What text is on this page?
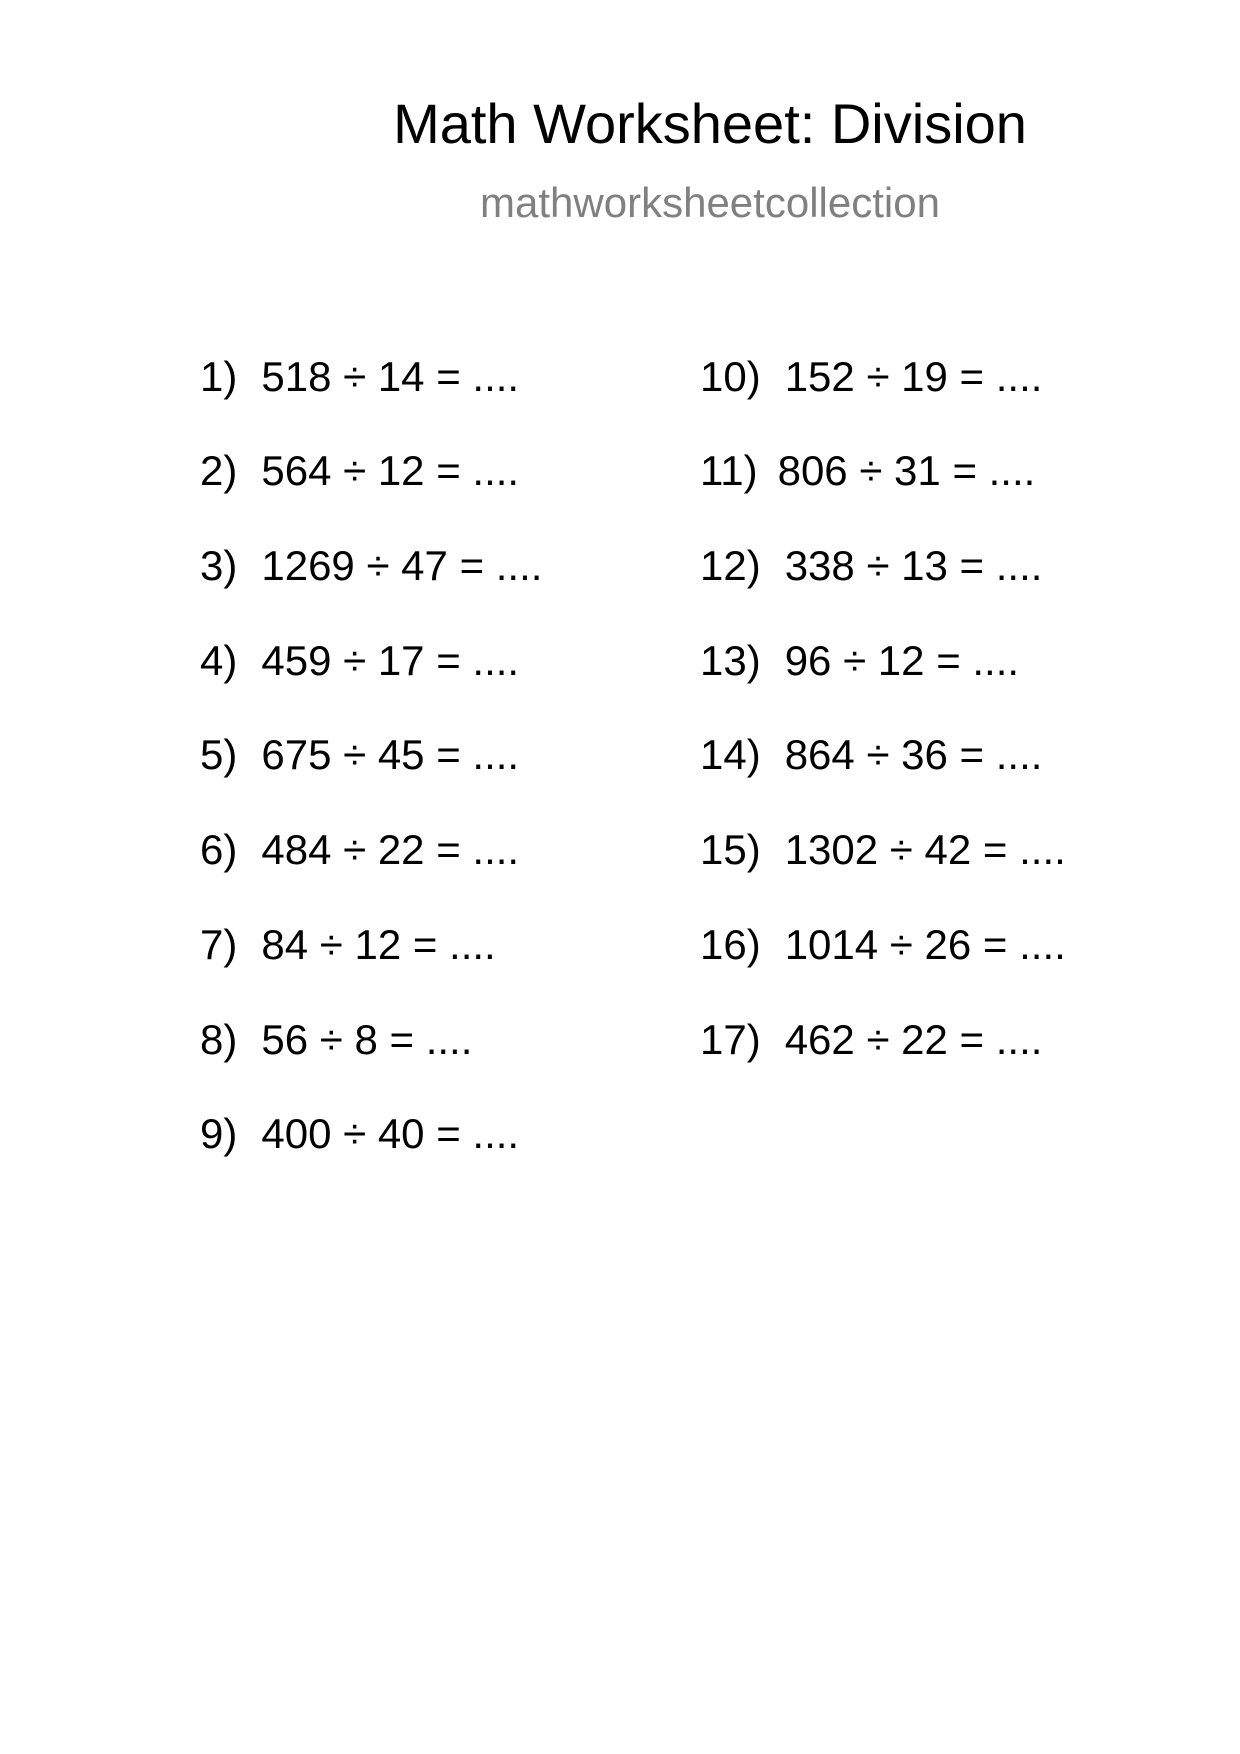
Math Worksheet: Division
mathworksheetcollection
1) 518 ÷ 14 = ....
2) 564 ÷ 12 = ....
3) 1269 ÷ 47 = ....
4) 459 ÷ 17 = ....
5) 675 ÷ 45 = ....
6) 484 ÷ 22 = ....
7) 84 ÷ 12 = ....
8) 56 ÷ 8 = ....
9) 400 ÷ 40 = ....
10) 152 ÷ 19 = ....
11) 806 ÷ 31 = ....
12) 338 ÷ 13 = ....
13) 96 ÷ 12 = ....
14) 864 ÷ 36 = ....
15) 1302 ÷ 42 = ....
16) 1014 ÷ 26 = ....
17) 462 ÷ 22 = ....
